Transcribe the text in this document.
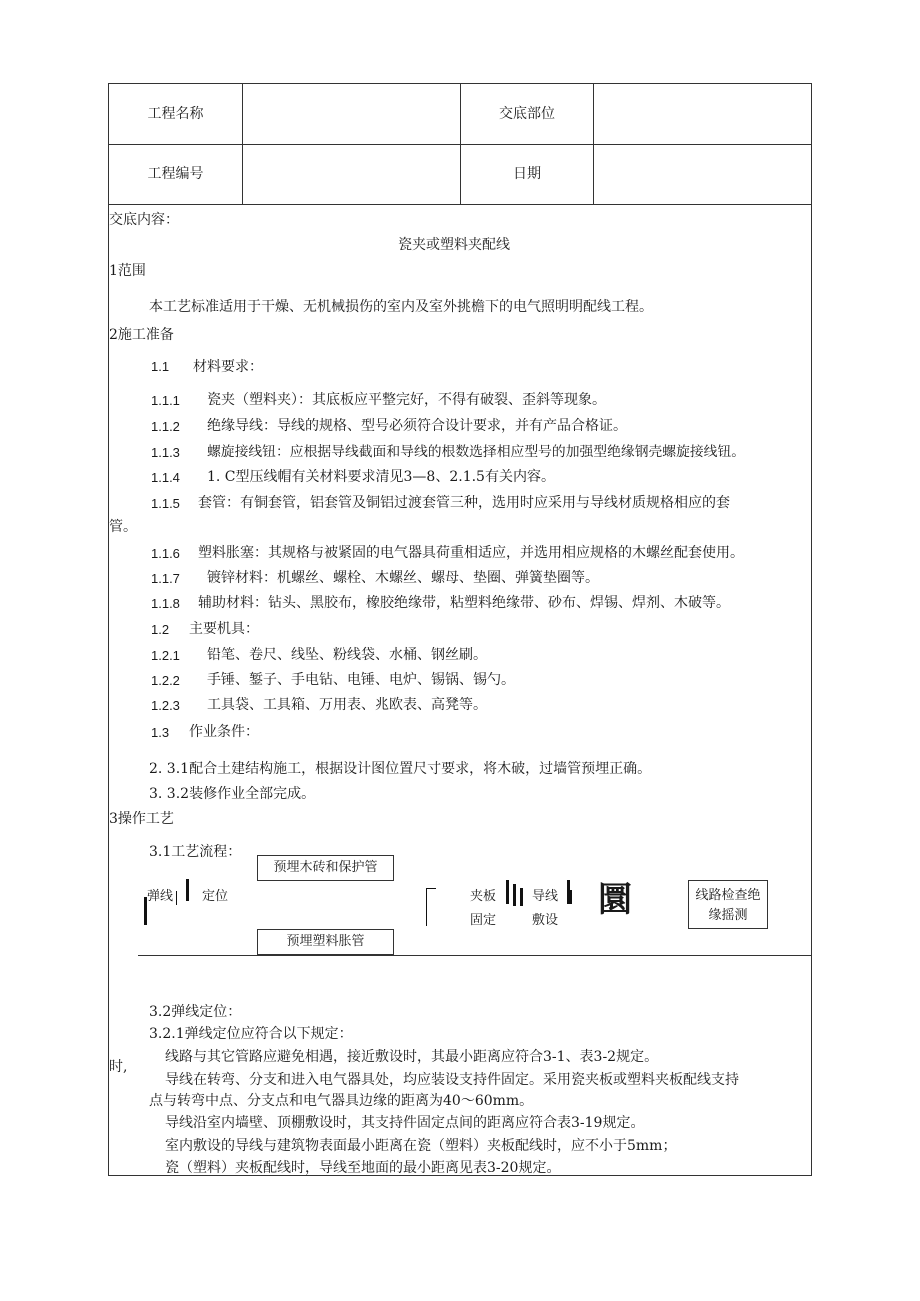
工程名称	交底部位
工程编号	日期
交底内容：
瓷夹或塑料夹配线
1范围
本工艺标准适用于干燥、无机械损伤的室内及室外挑檐下的电气照明明配线工程。
2施工准备
1.1 材料要求：
1.1.1 瓷夹（塑料夹）：其底板应平整完好，不得有破裂、歪斜等现象。
1.1.2 绝缘导线：导线的规格、型号必须符合设计要求，并有产品合格证。
1.1.3 螺旋接线钮：应根据导线截面和导线的根数选择相应型号的加强型绝缘钢壳螺旋接线钮。
1.1.4 1. C型压线帽有关材料要求清见3—8、2.1.5有关内容。
1.1.5 套管：有铜套管，铝套管及铜铝过渡套管三种，选用时应采用与导线材质规格相应的套
管。
1.1.6 塑料胀塞：其规格与被紧固的电气器具荷重相适应，并选用相应规格的木螺丝配套使用。
1.1.7 镀锌材料：机螺丝、螺栓、木螺丝、螺母、垫圈、弹簧垫圈等。
1.1.8 辅助材料：钻头、黑胶布，橡胶绝缘带，粘塑料绝缘带、砂布、焊锡、焊剂、木破等。
1.2 主要机具：
1.2.1 铅笔、卷尺、线坠、粉线袋、水桶、钢丝刷。
1.2.2 手锤、錾子、手电钻、电锤、电炉、锡锅、锡勺。
1.2.3 工具袋、工具箱、万用表、兆欧表、高凳等。
1.3 作业条件：
2. 3.1配合土建结构施工，根据设计图位置尺寸要求，将木破，过墙管预埋正确。
3. 3.2装修作业全部完成。
3操作工艺
3.1工艺流程：
预埋木砖和保护管
预埋塑料胀管
弹线 定位	夹板
固定
导线
敷设
圜	线路检查绝
缘摇测
3.2弹线定位：
3.2.1弹线定位应符合以下规定：
线路与其它管路应避免相遇，接近敷设时，其最小距离应符合3-1、表3-2规定。
时,
导线在转弯、分支和进入电气器具处，均应装设支持件固定。采用瓷夹板或塑料夹板配线支持
点与转弯中点、分支点和电气器具边缘的距离为40～60mm。
导线沿室内墙壁、顶棚敷设时，其支持件固定点间的距离应符合表3-19规定。
室内敷设的导线与建筑物表面最小距离在瓷（塑料）夹板配线时，应不小于5mm；
瓷（塑料）夹板配线时，导线至地面的最小距离见表3-20规定。
